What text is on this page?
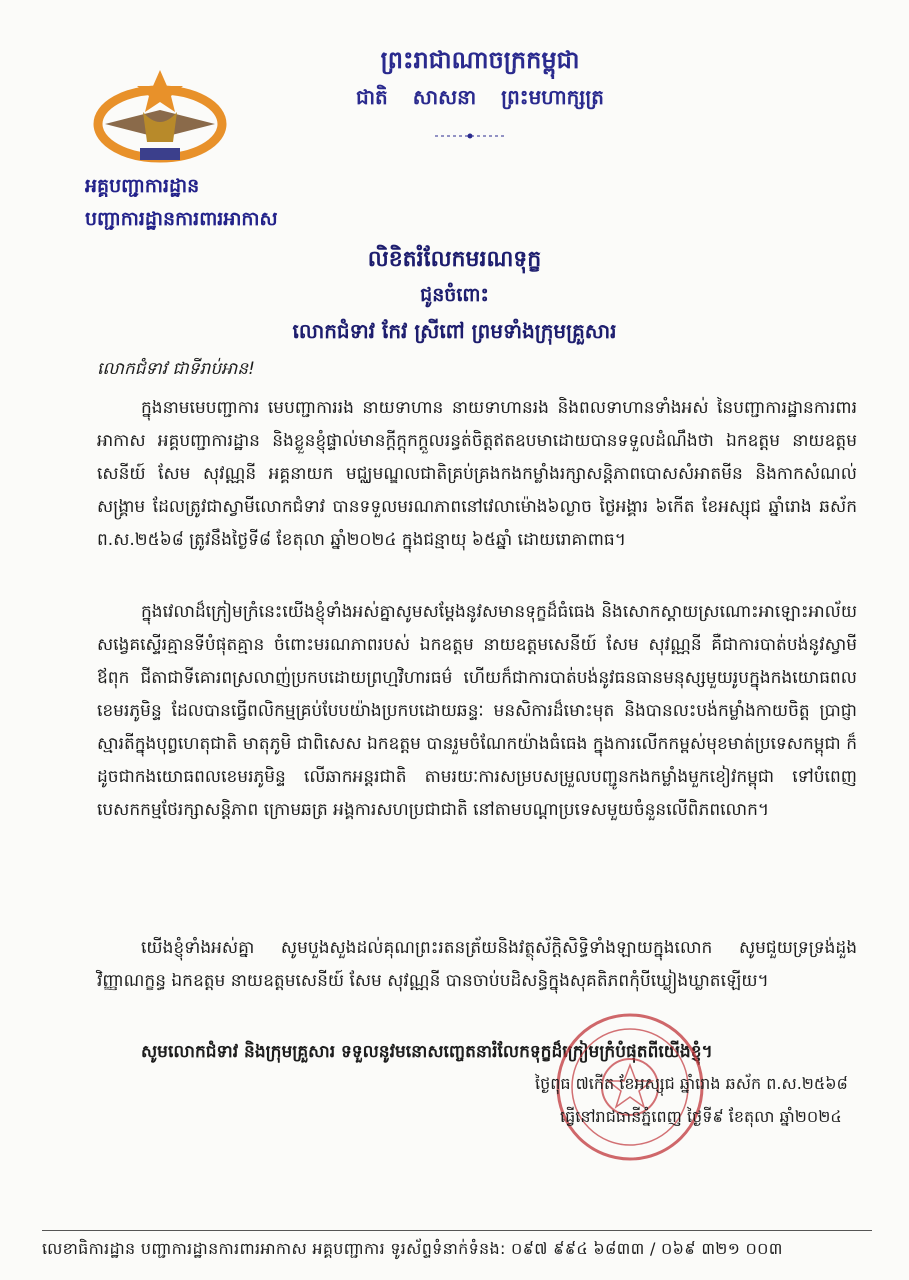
អគ្គបញ្ជាការដ្ឋាន
បញ្ជាការដ្ឋានការពារអាកាស
ព្រះរាជាណាចក្រកម្ពុជា
ជាតិ សាសនា ព្រះមហាក្សត្រ
លិខិតរំលែកមរណទុក្ខ
ជូនចំពោះ
លោកជំទាវ កែវ ស្រីពៅ ព្រមទាំងក្រុមគ្រួសារ
លោកជំទាវ ជាទីរាប់អាន!

ក្នុងនាមមេបញ្ជាការ មេបញ្ជាការរង នាយទាហាន នាយទាហានរង និងពលទាហានទាំងអស់ នៃបញ្ជាការដ្ឋានការពារអាកាស អគ្គបញ្ជាការដ្ឋាន និងខ្លួនខ្ញុំផ្ទាល់មានក្ដីក្ដុកក្ដួលរន្ធត់ចិត្តឥតឧបមាដោយបានទទួលដំណឹងថា ឯកឧត្តម នាយឧត្តមសេនីយ៍ សែម សុវណ្ណនី អគ្គនាយក មជ្ឈមណ្ឌលជាតិគ្រប់គ្រងកងកម្លាំងរក្សាសន្តិភាពបោសសំអាតមីន និងកាកសំណល់សង្គ្រាម ដែលត្រូវជាស្វាមីលោកជំទាវ បានទទួលមរណភាពនៅវេលាម៉ោង៦ល្ងាច ថ្ងៃអង្គារ ៦កើត ខែអស្សុជ ឆ្នាំរោង ឆស័ក ព.ស.២៥៦៨ ត្រូវនឹងថ្ងៃទី៨ ខែតុលា ឆ្នាំ២០២៤ ក្នុងជន្មាយុ ៦៥ឆ្នាំ ដោយរោគាពាធ។

ក្នុងវេលាដ៏ក្រៀមក្រំនេះយើងខ្ញុំទាំងអស់គ្នាសូមសម្ដែងនូវសមានទុក្ខដ៏ធំធេង និងសោកស្ដាយស្រណោះអាឡោះអាល័យ សង្វេគស្ទើរគ្មានទីបំផុតគ្មាន ចំពោះមរណភាពរបស់ ឯកឧត្តម នាយឧត្តមសេនីយ៍ សែម សុវណ្ណនី គឺជាការបាត់បង់នូវស្វាមី ឪពុក ជីតាជាទីគោរពស្រលាញ់ប្រកបដោយព្រហ្មវិហារធម៌ ហើយក៏ជាការបាត់បង់នូវធនធានមនុស្សមួយរូបក្នុងកងយោធពលខេមរភូមិន្ទ ដែលបានធ្វើពលិកម្មគ្រប់បែបយ៉ាងប្រកបដោយឆន្ទៈ មនសិការដ៏មោះមុត និងបានលះបង់កម្លាំងកាយចិត្ត ប្រាជ្ញាស្មារតីក្នុងបុព្វហេតុជាតិ មាតុភូមិ ជាពិសេស ឯកឧត្តម បានរួមចំណែកយ៉ាងធំធេង ក្នុងការលើកកម្ពស់មុខមាត់ប្រទេសកម្ពុជា ក៏ដូចជាកងយោធពលខេមរភូមិន្ទ លើឆាកអន្តរជាតិ តាមរយៈការសម្របសម្រួលបញ្ជូនកងកម្លាំងមួកខៀវកម្ពុជា ទៅបំពេញបេសកកម្មថែរក្សាសន្តិភាព ក្រោមឆត្រ អង្គការសហប្រជាជាតិ នៅតាមបណ្ដាប្រទេសមួយចំនួនលើពិភពលោក។

យើងខ្ញុំទាំងអស់គ្នា សូមបួងសួងដល់គុណព្រះរតនត្រ័យនិងវត្ថុស័ក្តិសិទ្ធិទាំងឡាយក្នុងលោក សូមជួយទ្រទ្រង់ដួងវិញ្ញាណក្ខន្ធ ឯកឧត្តម នាយឧត្តមសេនីយ៍ សែម សុវណ្ណនី បានចាប់បដិសន្ធិក្នុងសុគតិភពកុំបីឃ្លៀងឃ្លាតឡើយ។

សូមលោកជំទាវ និងក្រុមគ្រួសារ ទទួលនូវមនោសញ្ចេតនារំលែកទុក្ខដ៏ក្រៀមក្រំបំផុតពីយើងខ្ញុំ។

ថ្ងៃពុធ ៧កើត ខែអស្សុជ ឆ្នាំរោង ឆស័ក ព.ស.២៥៦៨
ធ្វើនៅរាជធានីភ្នំពេញ ថ្ងៃទី៩ ខែតុលា ឆ្នាំ២០២៤
លេខាធិការដ្ឋាន បញ្ជាការដ្ឋានការពារអាកាស អគ្គបញ្ជាការ ទូរស័ព្ទទំនាក់ទំនង: ០៩៧ ៩៩៤ ៦៨៣៣ / ០៦៩ ៣២១ ០០៣
